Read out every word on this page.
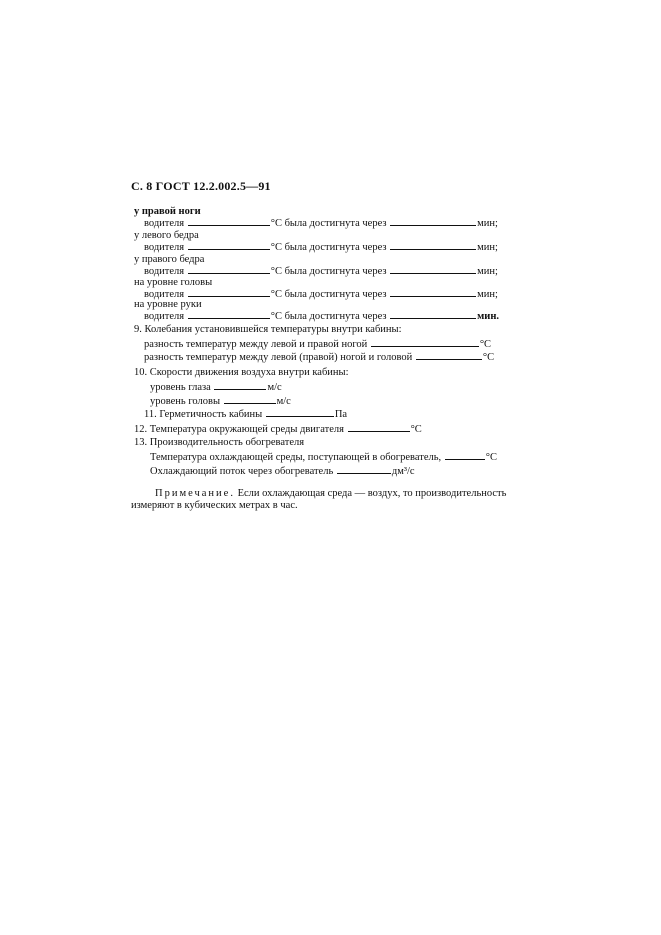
С. 8 ГОСТ 12.2.002.5—91
у правой ноги
водителя	°С была достигнута через	мин;
у левого бедра
водителя	°С была достигнута через	мин;
у правого бедра
водителя	°С была достигнута через	мин;
на уровне головы
водителя	°С была достигнута через	мин;
на уровне руки
водителя	°С была достигнута через	мин.
9. Колебания установившейся температуры внутри кабины:
разность температур между левой и правой ногой	°С
разность температур между левой (правой) ногой и головой	°С
10. Скорости движения воздуха внутри кабины:
уровень глаза	м/с
уровень головы	м/с
11. Герметичность кабины	Па
12. Температура окружающей среды двигателя	°С
13. Производительность обогревателя
Температура охлаждающей среды, поступающей в обогреватель,	°С
Охлаждающий поток через обогреватель	дм³/с
Примечание. Если охлаждающая среда — воздух, то производительность
измеряют в кубических метрах в час.
